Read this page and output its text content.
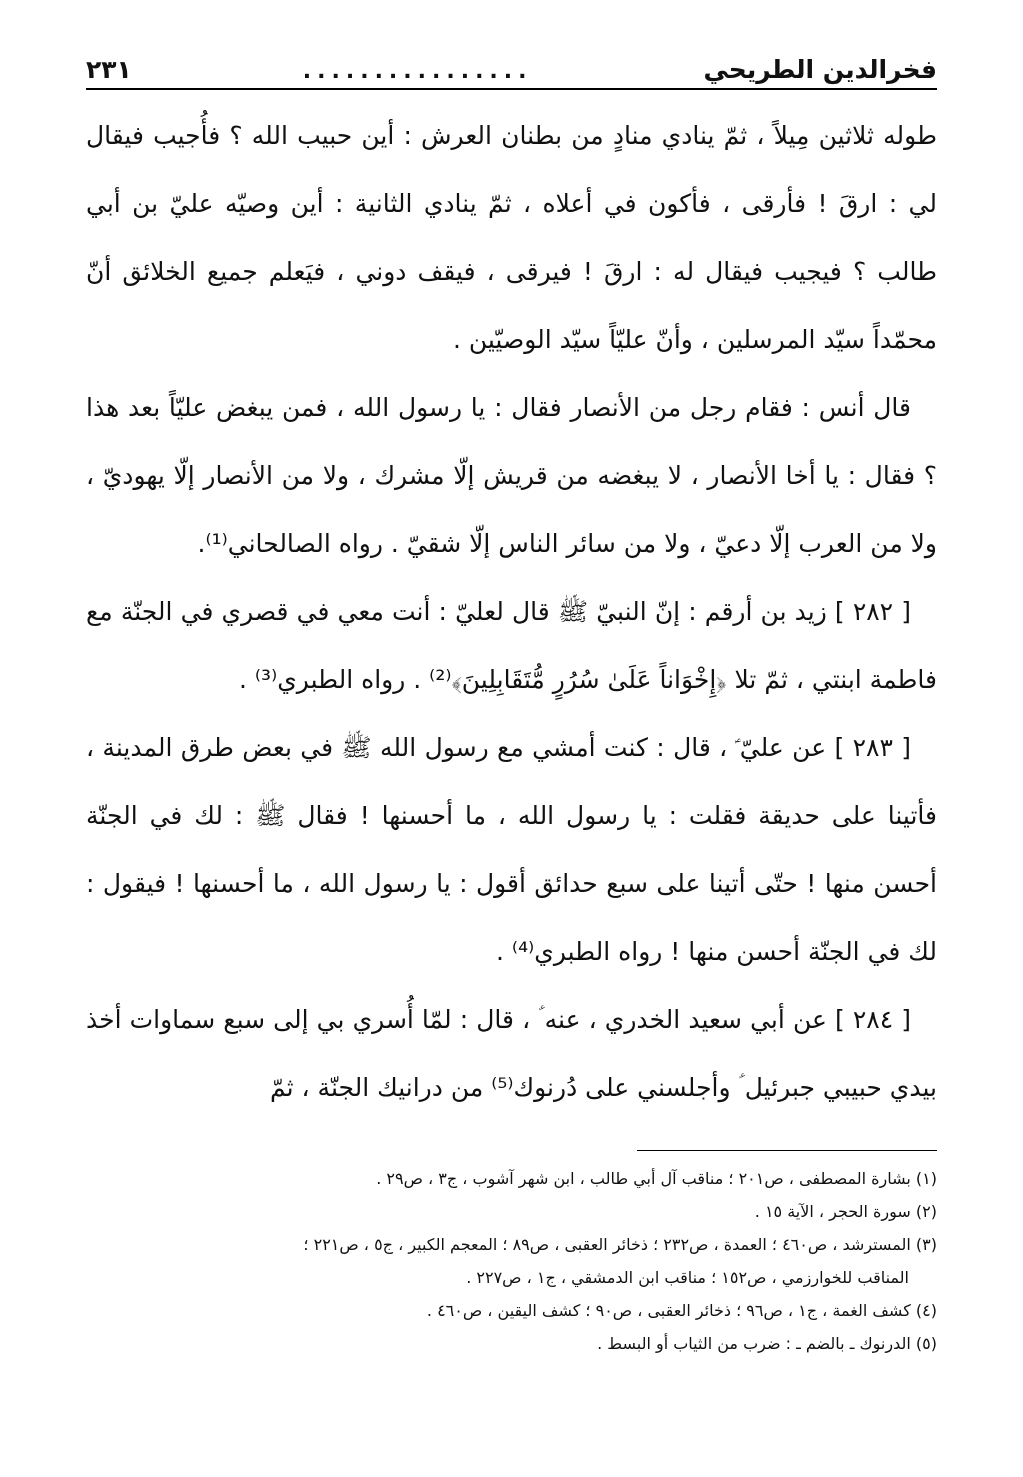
فخرالدين الطريحي
................
٢٣١

طوله ثلاثين مِيلاً ، ثمّ ينادي منادٍ من بطنان العرش : أين حبيب الله ؟ فأُجيب فيقال لي : ارقَ ! فأرقى ، فأكون في أعلاه ، ثمّ ينادي الثانية : أين وصيّه عليّ بن أبي طالب ؟ فيجيب فيقال له : ارقَ ! فيرقى ، فيقف دوني ، فيَعلم جميع الخلائق أنّ محمّداً سيّد المرسلين ، وأنّ عليّاً سيّد الوصيّين .

قال أنس : فقام رجل من الأنصار فقال : يا رسول الله ، فمن يبغض عليّاً بعد هذا ؟ فقال : يا أخا الأنصار ، لا يبغضه من قريش إلّا مشرك ، ولا من الأنصار إلّا يهوديّ ، ولا من العرب إلّا دعيّ ، ولا من سائر الناس إلّا شقيّ . رواه الصالحاني⁽¹⁾.

[ ٢٨٢ ] زيد بن أرقم : إنّ النبيّ ﷺ قال لعليّ : أنت معي في قصري في الجنّة مع فاطمة ابنتي ، ثمّ تلا ﴿إِخْوَاناً عَلَىٰ سُرُرٍ مُّتَقَابِلِينَ﴾⁽²⁾ . رواه الطبري⁽³⁾ .

[ ٢٨٣ ] عن عليّ ؑ ، قال : كنت أمشي مع رسول الله ﷺ في بعض طرق المدينة ، فأتينا على حديقة فقلت : يا رسول الله ، ما أحسنها ! فقال ﷺ : لك في الجنّة أحسن منها ! حتّى أتينا على سبع حدائق أقول : يا رسول الله ، ما أحسنها ! فيقول : لك في الجنّة أحسن منها ! رواه الطبري⁽⁴⁾ .

[ ٢٨٤ ] عن أبي سعيد الخدري ، عنه ؑ ، قال : لمّا أُسري بي إلى سبع سماوات أخذ بيدي حبيبي جبرئيل ؑ وأجلسني على دُرنوك⁽⁵⁾ من درانيك الجنّة ، ثمّ

(١) بشارة المصطفى ، ص٢٠١ ؛ مناقب آل أبي طالب ، ابن شهر آشوب ، ج٣ ، ص٢٩ .

(٢) سورة الحجر ، الآية ١٥ .

(٣) المسترشد ، ص٤٦٠ ؛ العمدة ، ص٢٣٢ ؛ ذخائر العقبى ، ص٨٩ ؛ المعجم الكبير ، ج٥ ، ص٢٢١ ؛

المناقب للخوارزمي ، ص١٥٢ ؛ مناقب ابن الدمشقي ، ج١ ، ص٢٢٧ .

(٤) كشف الغمة ، ج١ ، ص٩٦ ؛ ذخائر العقبى ، ص٩٠ ؛ كشف اليقين ، ص٤٦٠ .

(٥) الدرنوك ـ بالضم ـ : ضرب من الثياب أو البسط .
